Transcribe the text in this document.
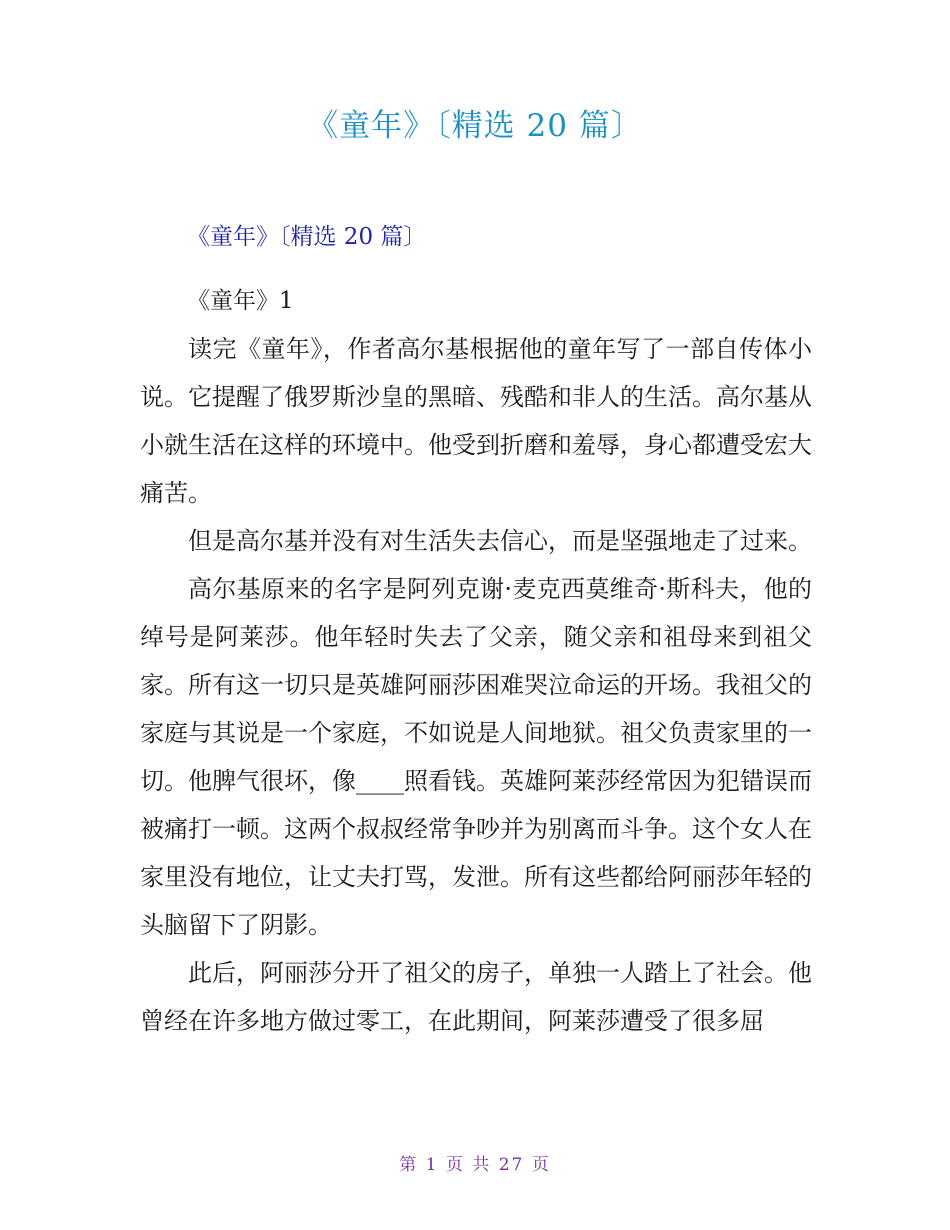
《童年》〔精选 20 篇〕
《童年》〔精选 20 篇〕
《童年》1

读完《童年》，作者高尔基根据他的童年写了一部自传体小说。它提醒了俄罗斯沙皇的黑暗、残酷和非人的生活。高尔基从小就生活在这样的环境中。他受到折磨和羞辱，身心都遭受宏大痛苦。

但是高尔基并没有对生活失去信心，而是坚强地走了过来。

高尔基原来的名字是阿列克谢·麦克西莫维奇·斯科夫，他的绰号是阿莱莎。他年轻时失去了父亲，随父亲和祖母来到祖父家。所有这一切只是英雄阿丽莎困难哭泣命运的开场。我祖父的家庭与其说是一个家庭，不如说是人间地狱。祖父负责家里的一切。他脾气很坏，像____照看钱。英雄阿莱莎经常因为犯错误而被痛打一顿。这两个叔叔经常争吵并为别离而斗争。这个女人在家里没有地位，让丈夫打骂，发泄。所有这些都给阿丽莎年轻的头脑留下了阴影。

此后，阿丽莎分开了祖父的房子，单独一人踏上了社会。他曾经在许多地方做过零工，在此期间，阿莱莎遭受了很多屈

第 1 页 共 27 页
